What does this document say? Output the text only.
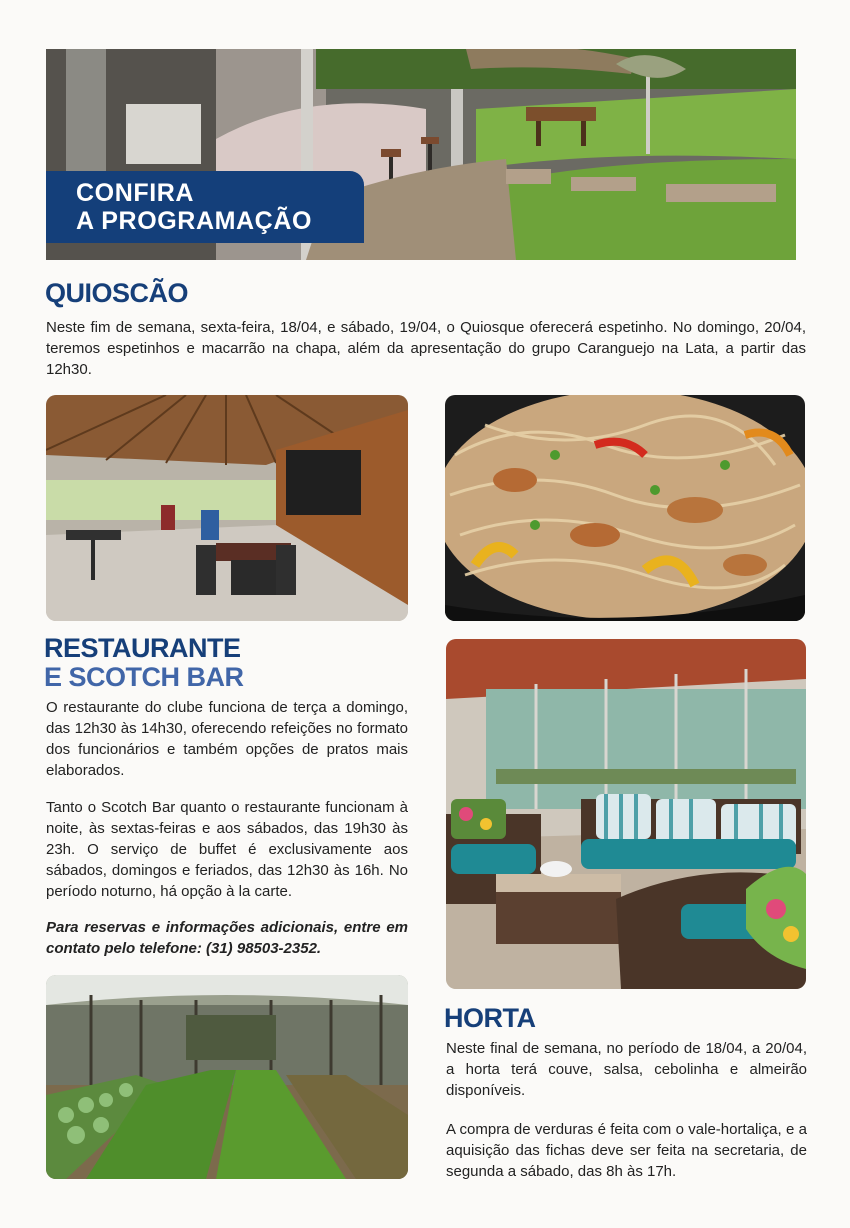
CONFIRA
A PROGRAMAÇÃO
QUIOSCÃO

Neste fim de semana, sexta-feira, 18/04, e sábado, 19/04, o Quiosque oferecerá espetinho. No domingo, 20/04, teremos espetinhos e macarrão na chapa, além da apresentação do grupo Caranguejo na Lata, a partir das 12h30.

RESTAURANTE
E SCOTCH BAR

O restaurante do clube funciona de terça a domingo, das 12h30 às 14h30, oferecendo refeições no formato dos funcionários e também opções de pratos mais elaborados.

Tanto o Scotch Bar quanto o restaurante funcionam à noite, às sextas-feiras e aos sábados, das 19h30 às 23h. O serviço de buffet é exclusivamente aos sábados, domingos e feriados, das 12h30 às 16h. No período noturno, há opção à la carte.

Para reservas e informações adicionais, entre em contato pelo telefone: (31) 98503-2352.

HORTA

Neste final de semana, no período de 18/04, a 20/04, a horta terá couve, salsa, cebolinha e almeirão disponíveis.

A compra de verduras é feita com o vale-hortaliça, e a aquisição das fichas deve ser feita na secretaria, de segunda a sábado, das 8h às 17h.
